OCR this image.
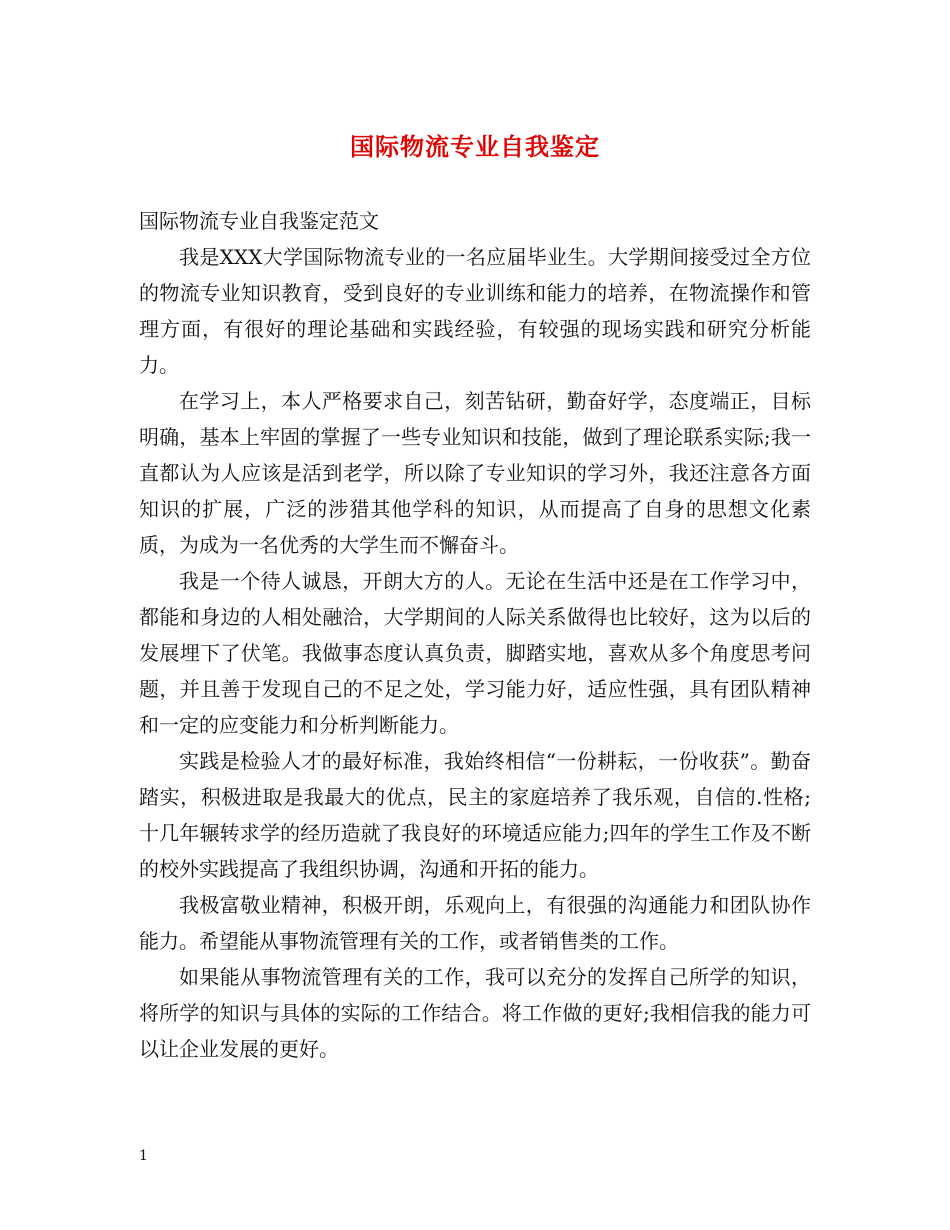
国际物流专业自我鉴定

国际物流专业自我鉴定范文

我是XXX大学国际物流专业的一名应届毕业生。大学期间接受过全方位的物流专业知识教育，受到良好的专业训练和能力的培养，在物流操作和管理方面，有很好的理论基础和实践经验，有较强的现场实践和研究分析能力。

在学习上，本人严格要求自己，刻苦钻研，勤奋好学，态度端正，目标明确，基本上牢固的掌握了一些专业知识和技能，做到了理论联系实际;我一直都认为人应该是活到老学，所以除了专业知识的学习外，我还注意各方面知识的扩展，广泛的涉猎其他学科的知识，从而提高了自身的思想文化素质，为成为一名优秀的大学生而不懈奋斗。

我是一个待人诚恳，开朗大方的人。无论在生活中还是在工作学习中，都能和身边的人相处融洽，大学期间的人际关系做得也比较好，这为以后的发展埋下了伏笔。我做事态度认真负责，脚踏实地，喜欢从多个角度思考问题，并且善于发现自己的不足之处，学习能力好，适应性强，具有团队精神和一定的应变能力和分析判断能力。

实践是检验人才的最好标准，我始终相信“一份耕耘，一份收获”。勤奋踏实，积极进取是我最大的优点，民主的家庭培养了我乐观，自信的.性格;十几年辗转求学的经历造就了我良好的环境适应能力;四年的学生工作及不断的校外实践提高了我组织协调，沟通和开拓的能力。

我极富敬业精神，积极开朗，乐观向上，有很强的沟通能力和团队协作能力。希望能从事物流管理有关的工作，或者销售类的工作。

如果能从事物流管理有关的工作，我可以充分的发挥自己所学的知识，将所学的知识与具体的实际的工作结合。将工作做的更好;我相信我的能力可以让企业发展的更好。

1
